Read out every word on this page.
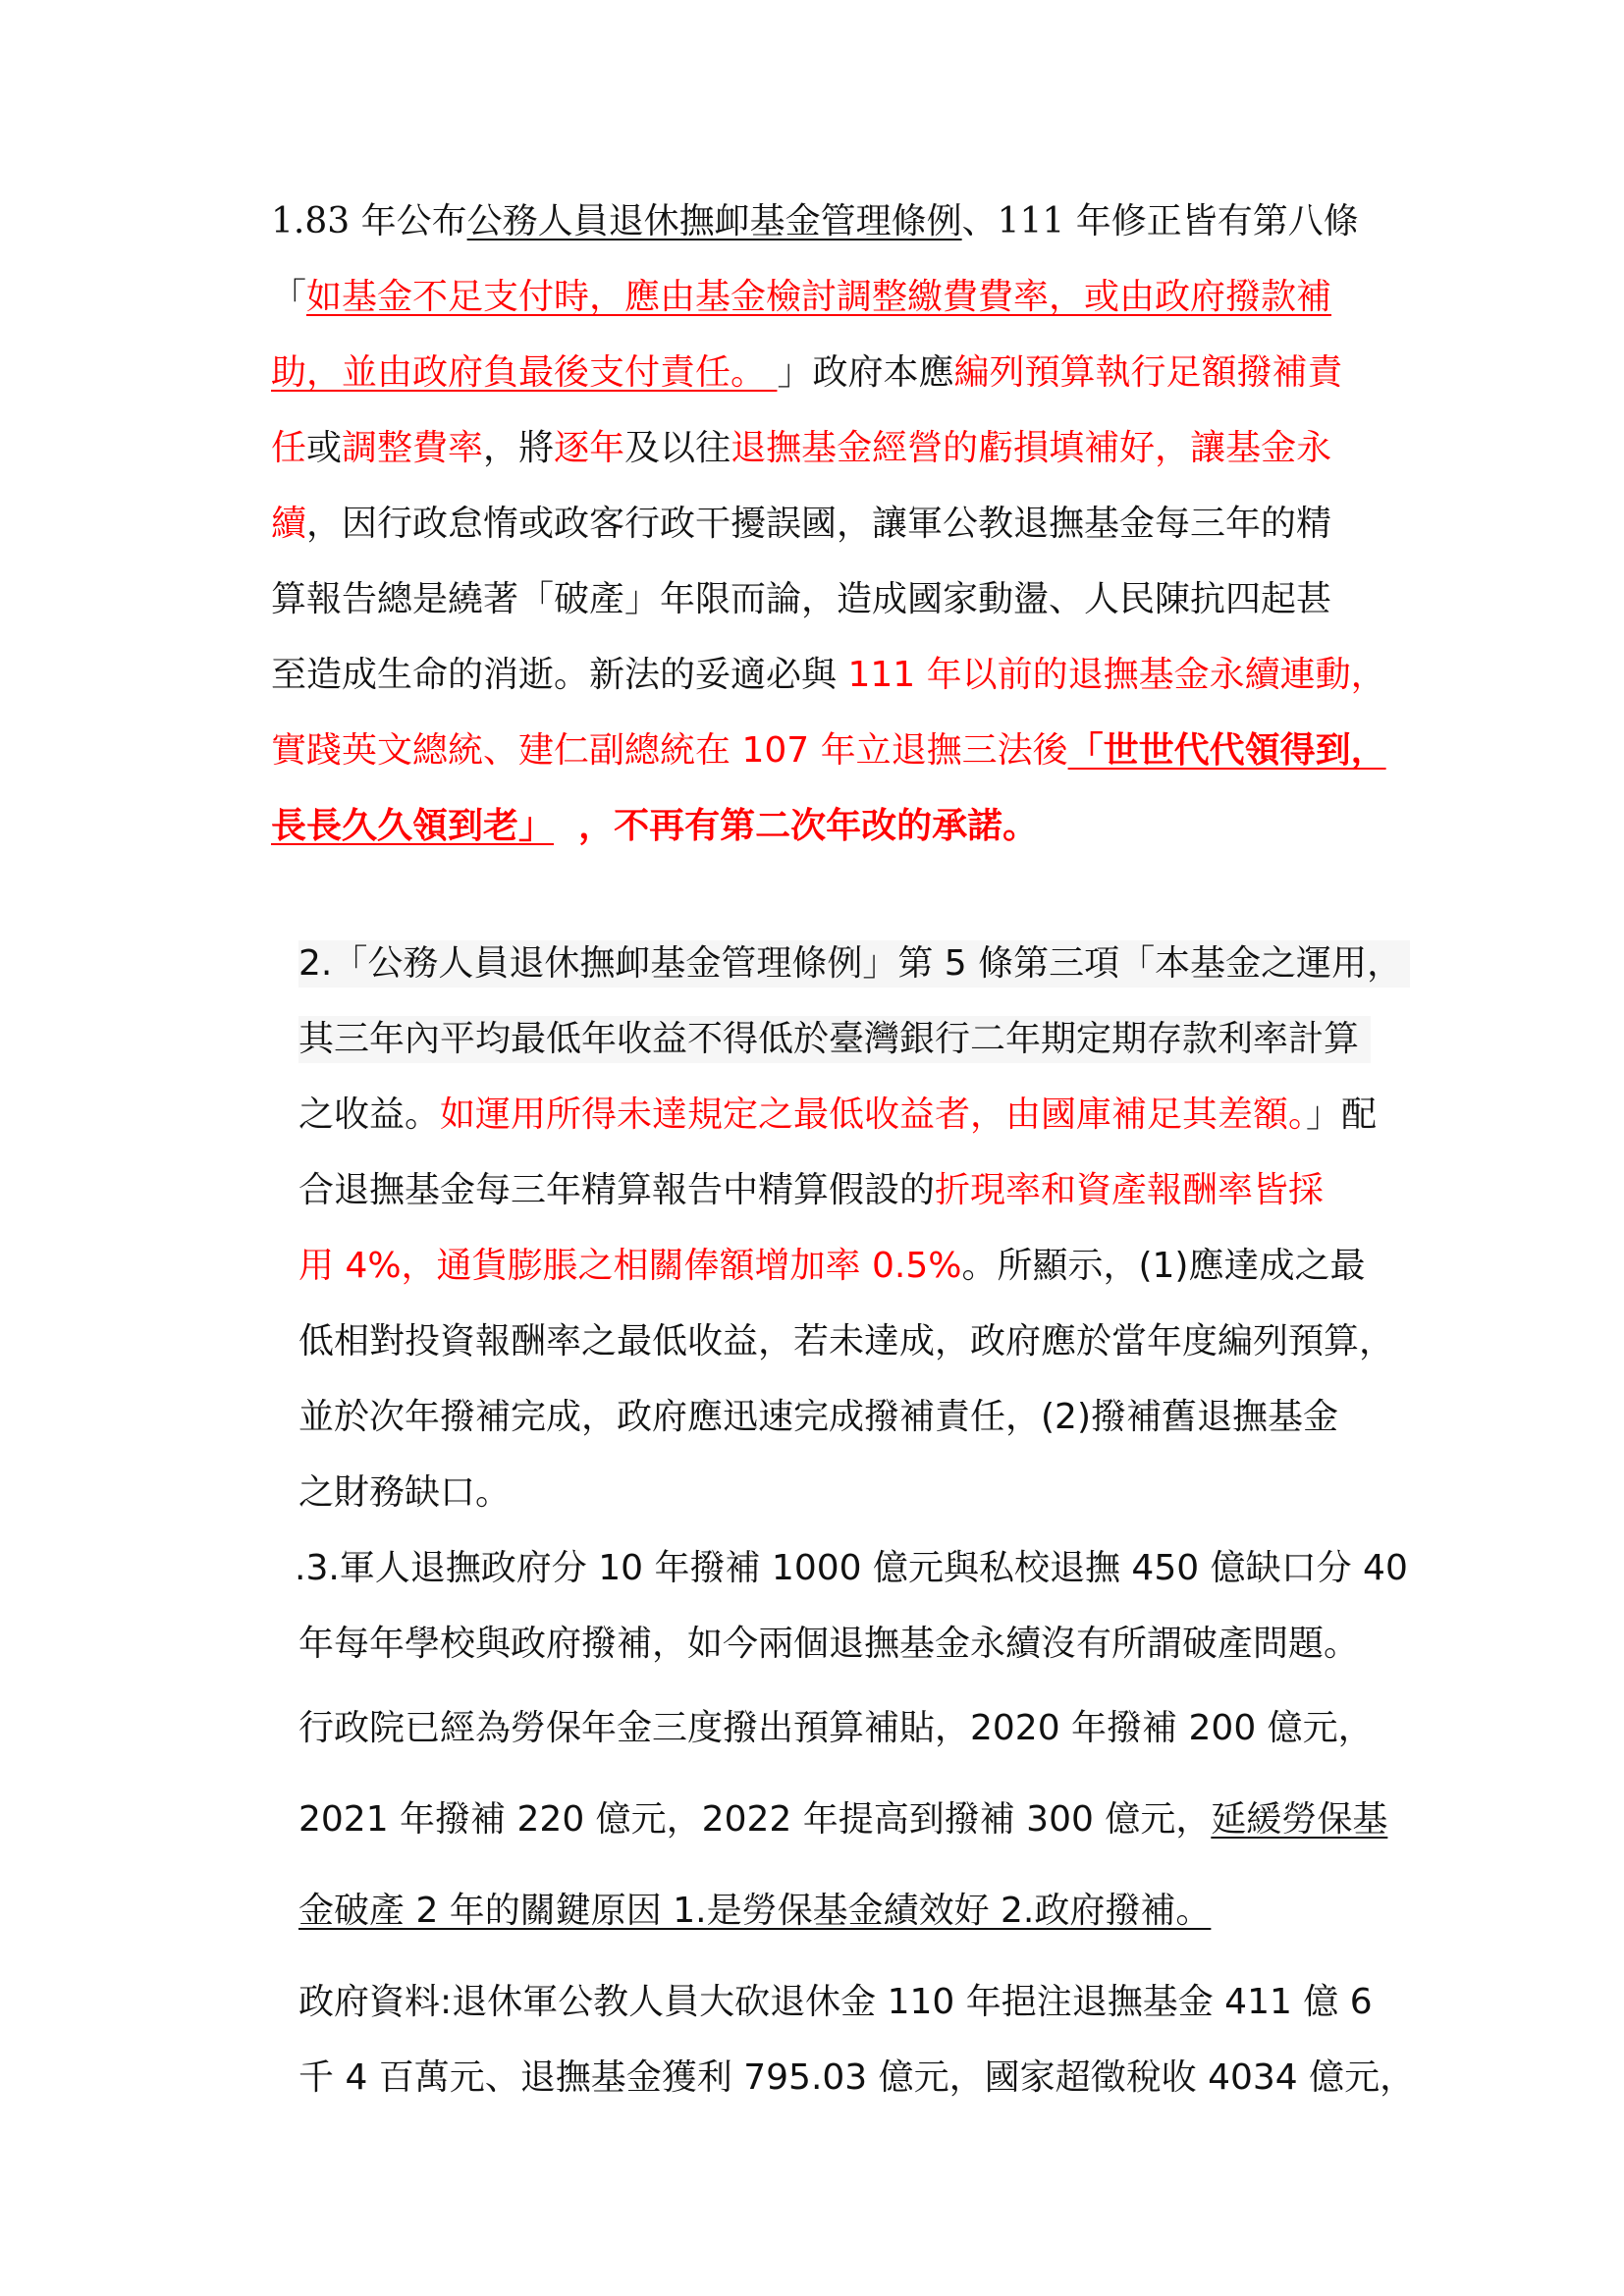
1.83 年公布公務人員退休撫卹基金管理條例、111 年修正皆有第八條
「如基金不足支付時，應由基金檢討調整繳費費率，或由政府撥款補
助，並由政府負最後支付責任。 」政府本應編列預算執行足額撥補責
任或調整費率，將逐年及以往退撫基金經營的虧損填補好，讓基金永
續，因行政怠惰或政客行政干擾誤國，讓軍公教退撫基金每三年的精
算報告總是繞著「破產」年限而論，造成國家動盪、人民陳抗四起甚
至造成生命的消逝。新法的妥適必與 111 年以前的退撫基金永續連動，
實踐英文總統、建仁副總統在 107 年立退撫三法後「世世代代領得到，
長長久久領到老」  ，不再有第二次年改的承諾。
2.「公務人員退休撫卹基金管理條例」第 5 條第三項「本基金之運用，
其三年內平均最低年收益不得低於臺灣銀行二年期定期存款利率計算
之收益。如運用所得未達規定之最低收益者，由國庫補足其差額。」配
合退撫基金每三年精算報告中精算假設的折現率和資產報酬率皆採
用 4%，通貨膨脹之相關俸額增加率 0.5%。所顯示，(1)應達成之最
低相對投資報酬率之最低收益，若未達成，政府應於當年度編列預算，
並於次年撥補完成，政府應迅速完成撥補責任，(2)撥補舊退撫基金
之財務缺口。
.3.軍人退撫政府分 10 年撥補 1000 億元與私校退撫 450 億缺口分 40
年每年學校與政府撥補，如今兩個退撫基金永續沒有所謂破產問題。
行政院已經為勞保年金三度撥出預算補貼，2020 年撥補 200 億元，
2021 年撥補 220 億元，2022 年提高到撥補 300 億元，延緩勞保基
金破產 2 年的關鍵原因 1.是勞保基金績效好 2.政府撥補。
政府資料:退休軍公教人員大砍退休金 110 年挹注退撫基金 411 億 6
千 4 百萬元、退撫基金獲利 795.03 億元，國家超徵稅收 4034 億元，
